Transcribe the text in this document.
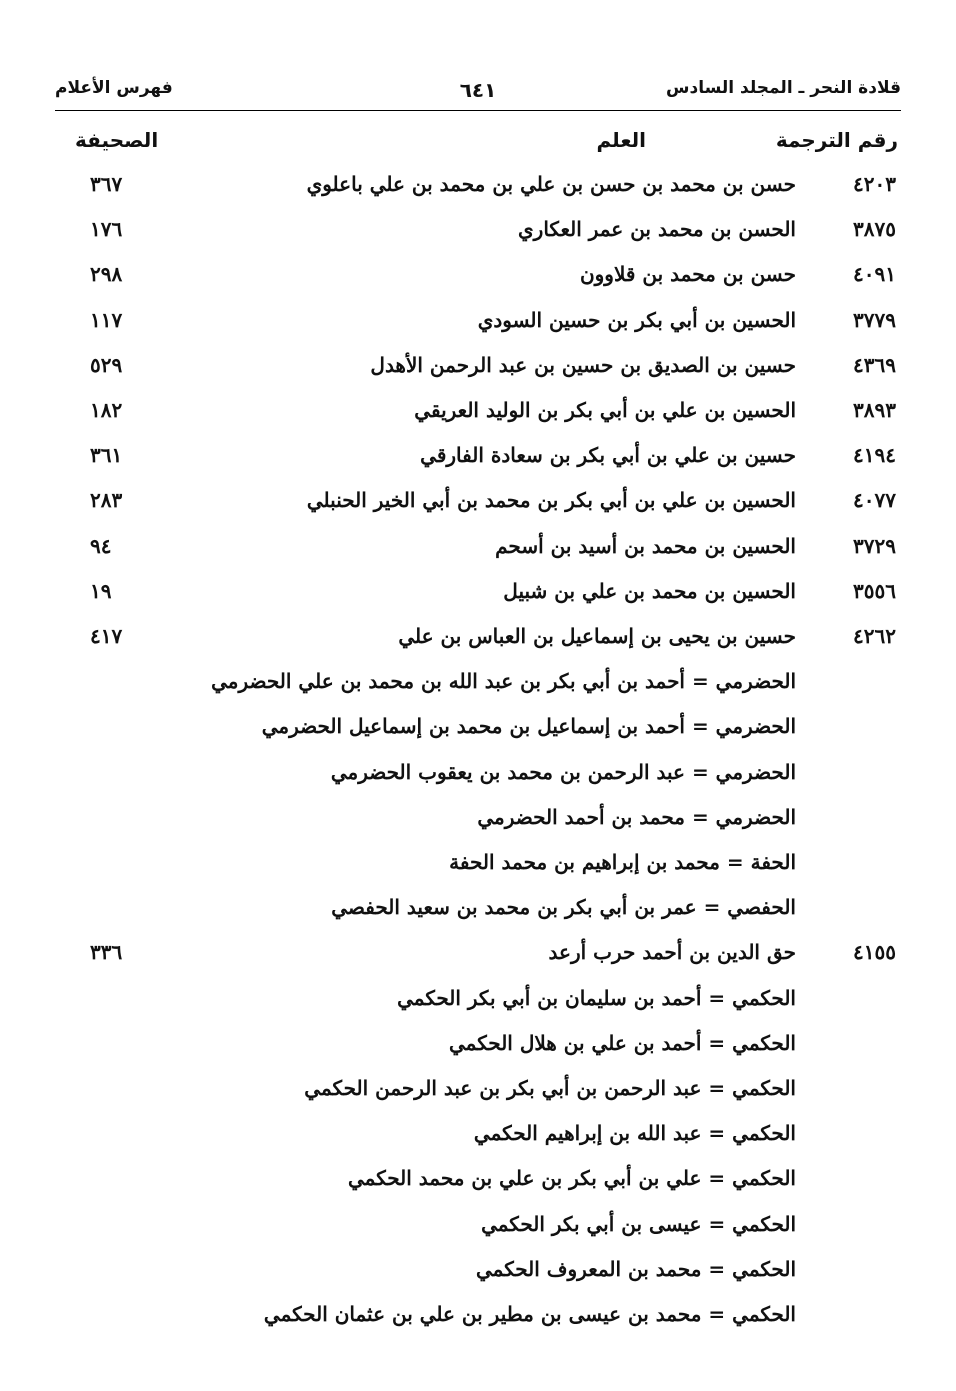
قلادة النحر ـ المجلد السادس
٦٤١
فهرس الأعلام
رقم الترجمة
العلم
الصحيفة
٤٢٠٣
حسن بن محمد بن حسن بن علي بن محمد بن علي باعلوي
٣٦٧
٣٨٧٥
الحسن بن محمد بن عمر العكاري
١٧٦
٤٠٩١
حسن بن محمد بن قلاوون
٢٩٨
٣٧٧٩
الحسين بن أبي بكر بن حسين السودي
١١٧
٤٣٦٩
حسين بن الصديق بن حسين بن عبد الرحمن الأهدل
٥٢٩
٣٨٩٣
الحسين بن علي بن أبي بكر بن الوليد العريقي
١٨٢
٤١٩٤
حسين بن علي بن أبي بكر بن سعادة الفارقي
٣٦١
٤٠٧٧
الحسين بن علي بن أبي بكر بن محمد بن أبي الخير الحنبلي
٢٨٣
٣٧٢٩
الحسين بن محمد بن أسيد بن أسحم
٩٤
٣٥٥٦
الحسين بن محمد بن علي بن شبيل
١٩
٤٢٦٢
حسين بن يحيى بن إسماعيل بن العباس بن علي
٤١٧
الحضرمي = أحمد بن أبي بكر بن عبد الله بن محمد بن علي الحضرمي
الحضرمي = أحمد بن إسماعيل بن محمد بن إسماعيل الحضرمي
الحضرمي = عبد الرحمن بن محمد بن يعقوب الحضرمي
الحضرمي = محمد بن أحمد الحضرمي
الحفة = محمد بن إبراهيم بن محمد الحفة
الحفصي = عمر بن أبي بكر بن محمد بن سعيد الحفصي
٤١٥٥
حق الدين بن أحمد حرب أرعد
٣٣٦
الحكمي = أحمد بن سليمان بن أبي بكر الحكمي
الحكمي = أحمد بن علي بن هلال الحكمي
الحكمي = عبد الرحمن بن أبي بكر بن عبد الرحمن الحكمي
الحكمي = عبد الله بن إبراهيم الحكمي
الحكمي = علي بن أبي بكر بن علي بن محمد الحكمي
الحكمي = عيسى بن أبي بكر الحكمي
الحكمي = محمد بن المعروف الحكمي
الحكمي = محمد بن عيسى بن مطير بن علي بن عثمان الحكمي
